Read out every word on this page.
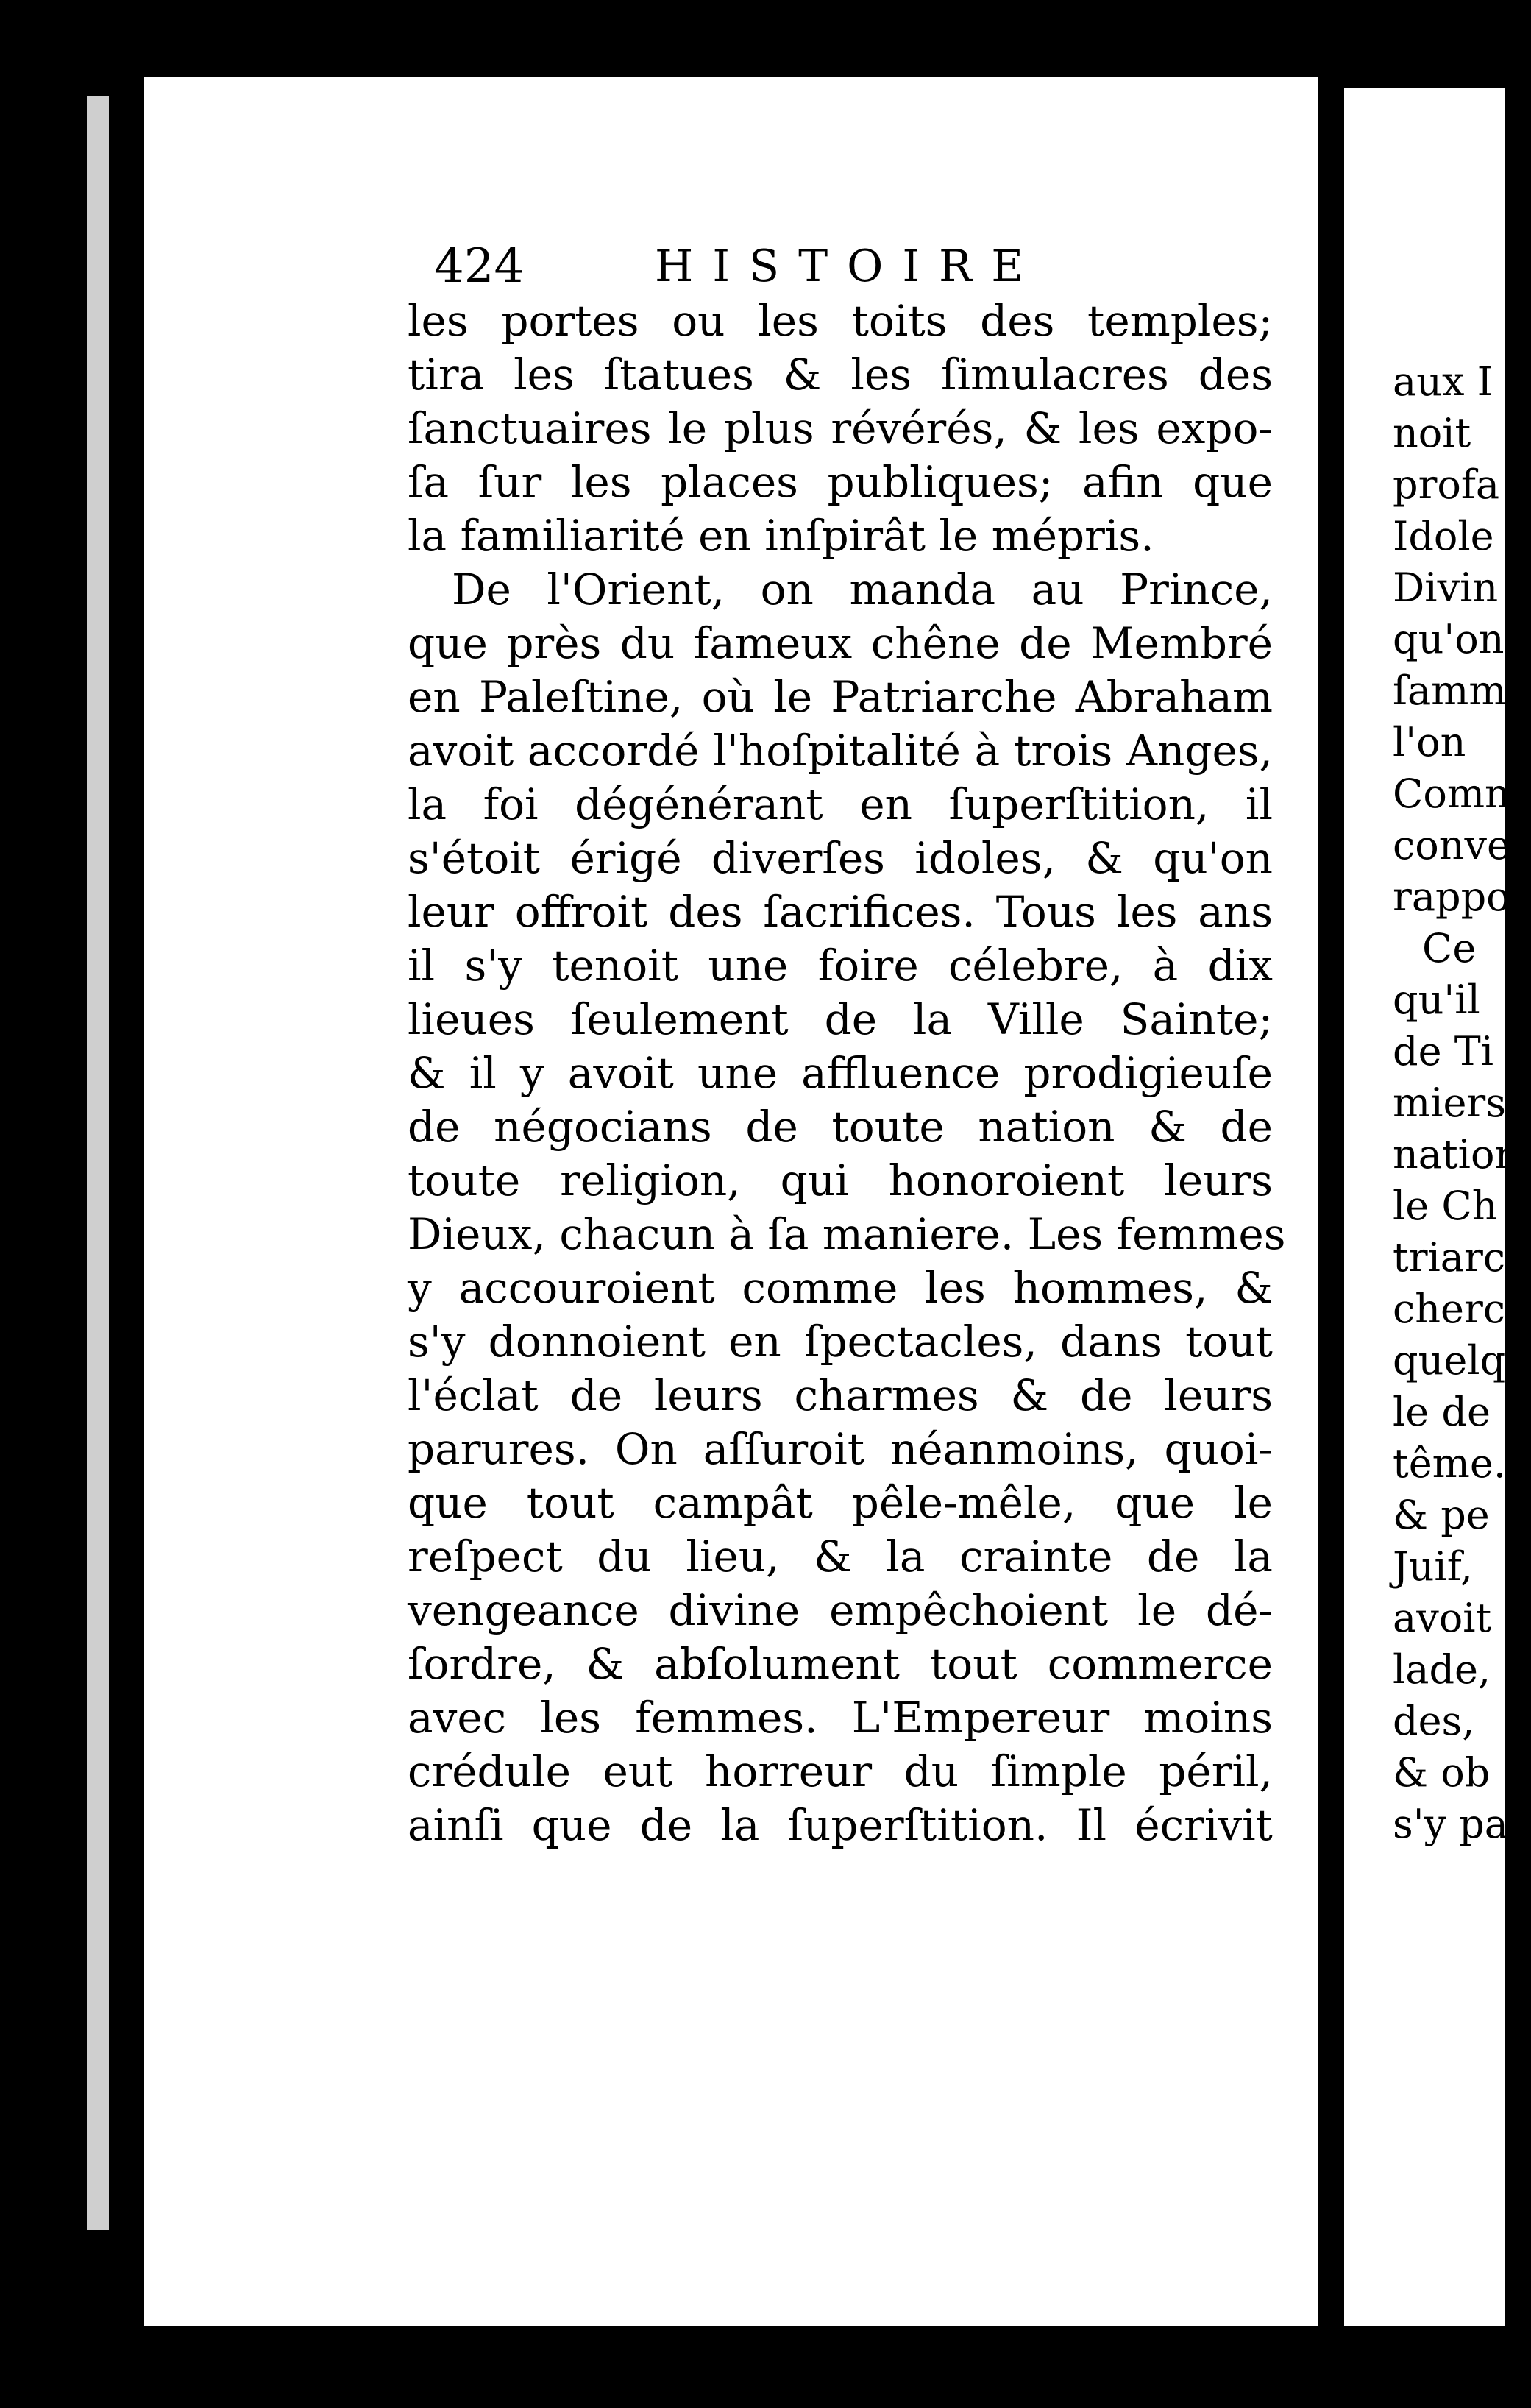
424	HISTOIRE
les portes ou les toits des temples;
tira les ſtatues & les ſimulacres des
ſanctuaires le plus révérés, & les expo-
ſa ſur les places publiques; afin que
la familiarité en inſpirât le mépris.
De l'Orient, on manda au Prince,
que près du fameux chêne de Membré
en Paleſtine, où le Patriarche Abraham
avoit accordé l'hoſpitalité à trois Anges,
la foi dégénérant en ſuperſtition, il
s'étoit érigé diverſes idoles, & qu'on
leur offroit des ſacrifices. Tous les ans
il s'y tenoit une foire célebre, à dix
lieues ſeulement de la Ville Sainte;
& il y avoit une affluence prodigieuſe
de négocians de toute nation & de
toute religion, qui honoroient leurs
Dieux, chacun à ſa maniere. Les femmes
y accouroient comme les hommes, &
s'y donnoient en ſpectacles, dans tout
l'éclat de leurs charmes & de leurs
parures. On aſſuroit néanmoins, quoi-
que tout campât pêle-mêle, que le
reſpect du lieu, & la crainte de la
vengeance divine empêchoient le dé-
ſordre, & abſolument tout commerce
avec les femmes. L'Empereur moins
crédule eut horreur du ſimple péril,
ainſi que de la ſuperſtition. Il écrivit
aux I
noit
profa
Idole
Divin
qu'on
ſamm
l'on
Comm
conve
rappo
Ce
qu'il
de Ti
miers
nation
le Ch
triarch
cherch
quelq
le de
tême.
& pe
Juif,
avoit
lade,
des,
& ob
s'y pa
